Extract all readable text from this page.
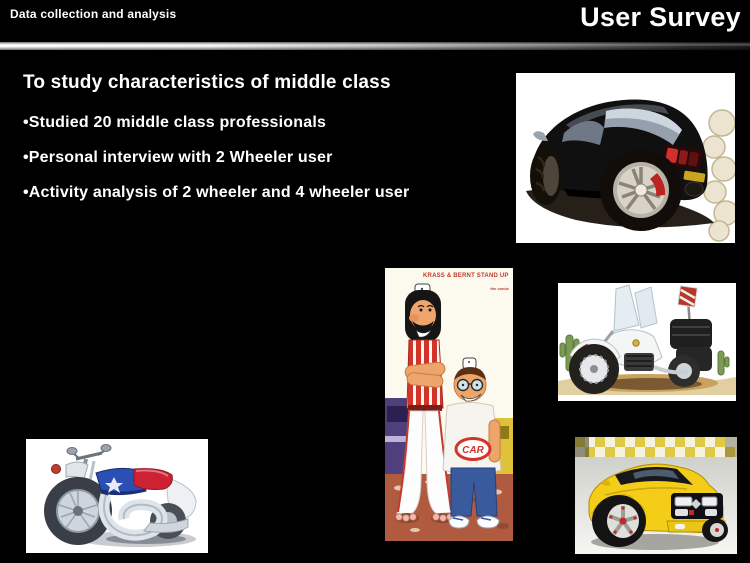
Data collection and analysis	User Survey
To study characteristics of middle class

•Studied 20 middle class professionals

•Personal interview with 2 Wheeler user

•Activity analysis of 2 wheeler and 4 wheeler user

CAR
KRASS & BERNT STAND UP
the comic
